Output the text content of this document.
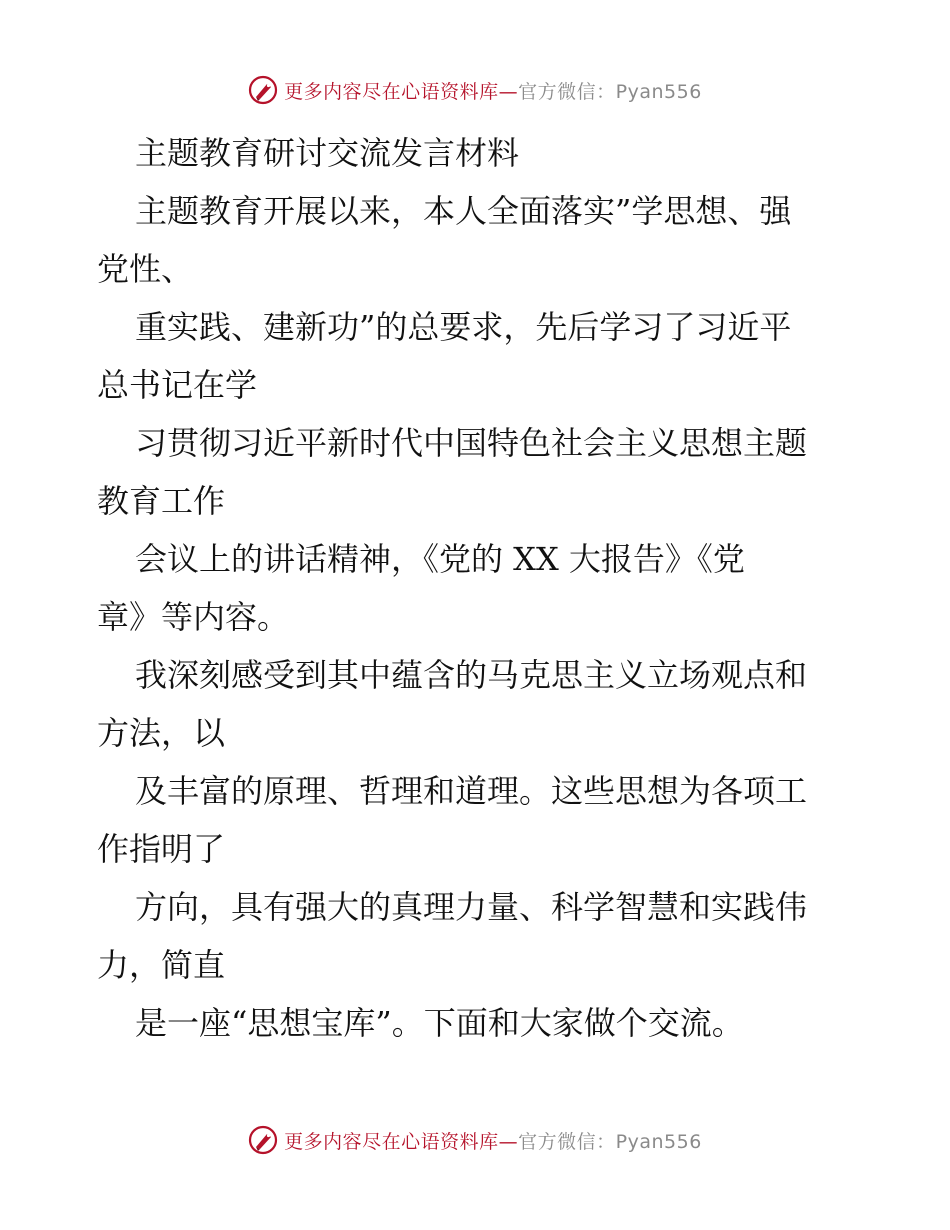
更多内容尽在心语资料库—官方微信：Pyan556
主题教育研讨交流发言材料
主题教育开展以来，本人全面落实”学思想、强
党性、
重实践、建新功”的总要求，先后学习了习近平
总书记在学
习贯彻习近平新时代中国特色社会主义思想主题
教育工作
会议上的讲话精神，《党的 XX 大报告》《党
章》等内容。
我深刻感受到其中蕴含的马克思主义立场观点和
方法，以
及丰富的原理、哲理和道理。这些思想为各项工
作指明了
方向，具有强大的真理力量、科学智慧和实践伟
力，简直
是一座“思想宝库”。下面和大家做个交流。
更多内容尽在心语资料库—官方微信：Pyan556
